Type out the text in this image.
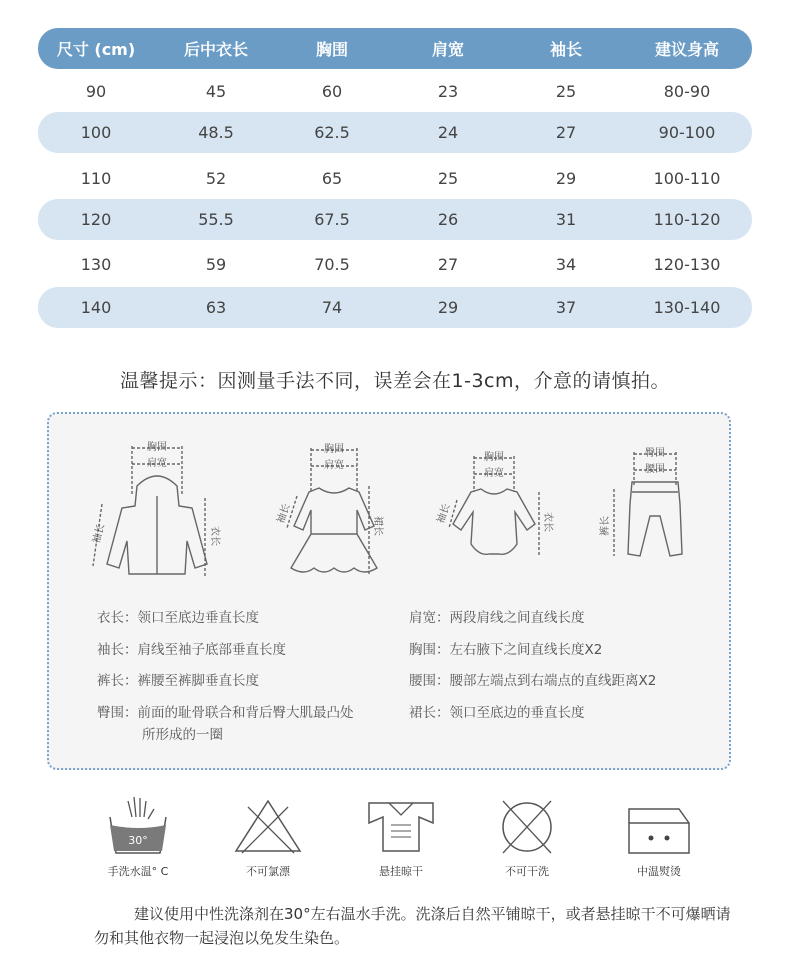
尺寸 (cm)	后中衣长	胸围	肩宽	袖长	建议身高
90	45	60	23	25	80-90
100	48.5	62.5	24	27	90-100
110	52	65	25	29	100-110
120	55.5	67.5	26	31	110-120
130	59	70.5	27	34	120-130
140	63	74	29	37	130-140
温馨提示：因测量手法不同，误差会在1-3cm，介意的请慎拍。
胸围
肩宽
袖长	衣长
胸围
肩宽
袖长
裙长
胸围
肩宽
袖长	衣长
臀围
腰围
裤长
衣长：领口至底边垂直长度
袖长：肩线至袖子底部垂直长度
裤长：裤腰至裤脚垂直长度
臀围：前面的耻骨联合和背后臀大肌最凸处
所形成的一圈
肩宽：两段肩线之间直线长度
胸围：左右腋下之间直线长度X2
腰围：腰部左端点到右端点的直线距离X2
裙长：领口至底边的垂直长度
30°
手洗水温° C	不可氯漂	悬挂晾干	不可干洗	中温熨烫
建议使用中性洗涤剂在30°左右温水手洗。洗涤后自然平铺晾干，或者悬挂晾干不可爆晒请勿和其他衣物一起浸泡以免发生染色。
